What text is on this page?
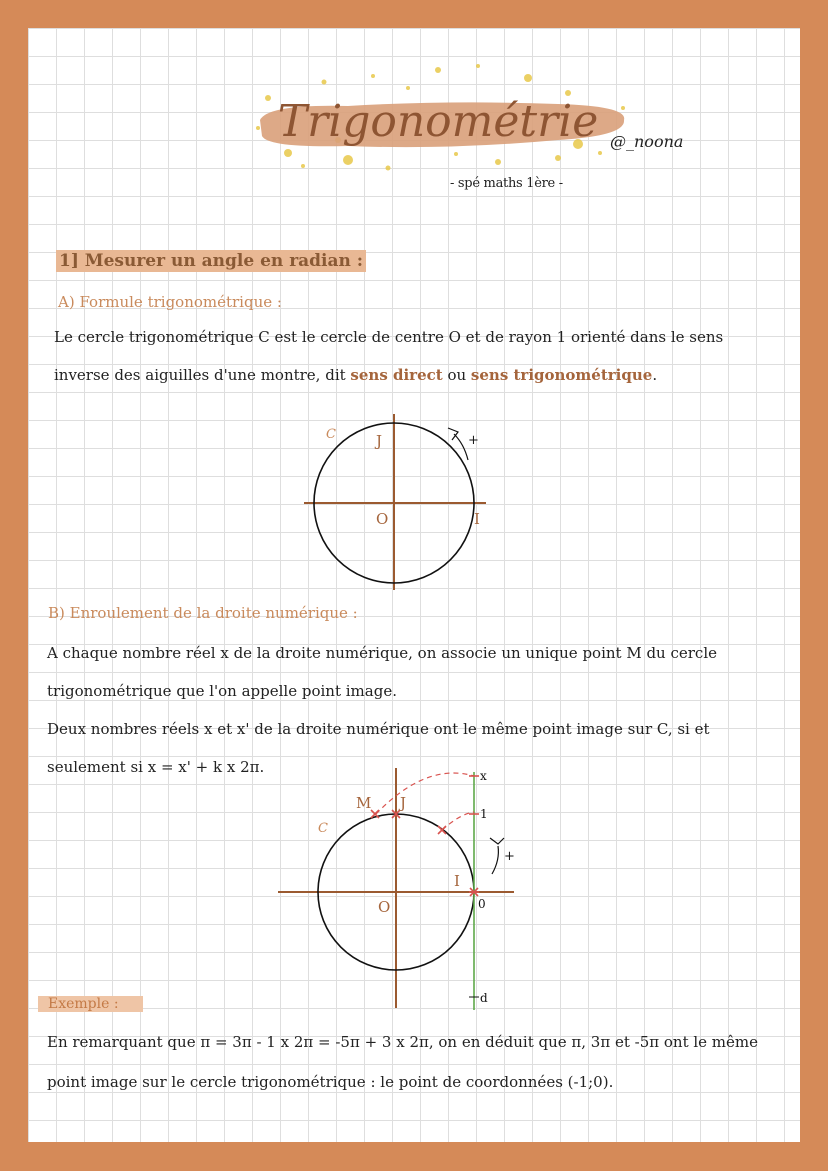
Trigonométrie @_noona
- spé maths 1ère -
1] Mesurer un angle en radian :
A) Formule trigonométrique :
Le cercle trigonométrique C est le cercle de centre O et de rayon 1 orienté dans le sens
inverse des aiguilles d'une montre, dit sens direct ou sens trigonométrique.
C	J
O	I
+
B) Enroulement de la droite numérique :
A chaque nombre réel x de la droite numérique, on associe un unique point M du cercle
trigonométrique que l'on appelle point image.
Deux nombres réels x et x' de la droite numérique ont le même point image sur C, si et
seulement si x = x' + k x 2π.
M J
C
O
I
x
1
0
d
+
Exemple :
En remarquant que π = 3π - 1 x 2π = -5π + 3 x 2π, on en déduit que π, 3π et -5π ont le même
point image sur le cercle trigonométrique : le point de coordonnées (-1;0).
